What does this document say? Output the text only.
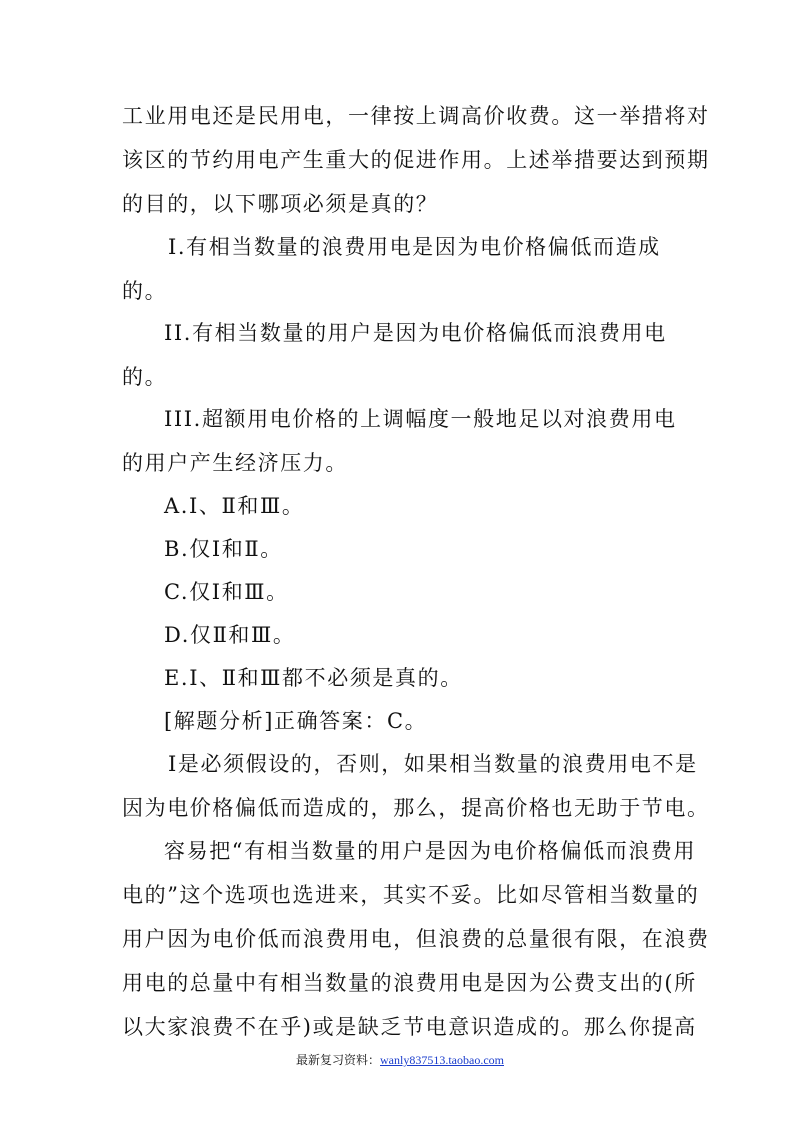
工业用电还是民用电，一律按上调高价收费。这一举措将对
该区的节约用电产生重大的促进作用。上述举措要达到预期
的目的，以下哪项必须是真的？
Ⅰ.有相当数量的浪费用电是因为电价格偏低而造成
的。
II.有相当数量的用户是因为电价格偏低而浪费用电
的。
III.超额用电价格的上调幅度一般地足以对浪费用电
的用户产生经济压力。
A.Ⅰ、Ⅱ和Ⅲ。
B.仅Ⅰ和Ⅱ。
C.仅Ⅰ和Ⅲ。
D.仅Ⅱ和Ⅲ。
E.Ⅰ、Ⅱ和Ⅲ都不必须是真的。
[解题分析]正确答案：C。
Ⅰ是必须假设的，否则，如果相当数量的浪费用电不是
因为电价格偏低而造成的，那么，提高价格也无助于节电。
容易把“有相当数量的用户是因为电价格偏低而浪费用
电的”这个选项也选进来，其实不妥。比如尽管相当数量的
用户因为电价低而浪费用电，但浪费的总量很有限，在浪费
用电的总量中有相当数量的浪费用电是因为公费支出的(所
以大家浪费不在乎)或是缺乏节电意识造成的。那么你提高
最新复习资料：wanly837513.taobao.com
